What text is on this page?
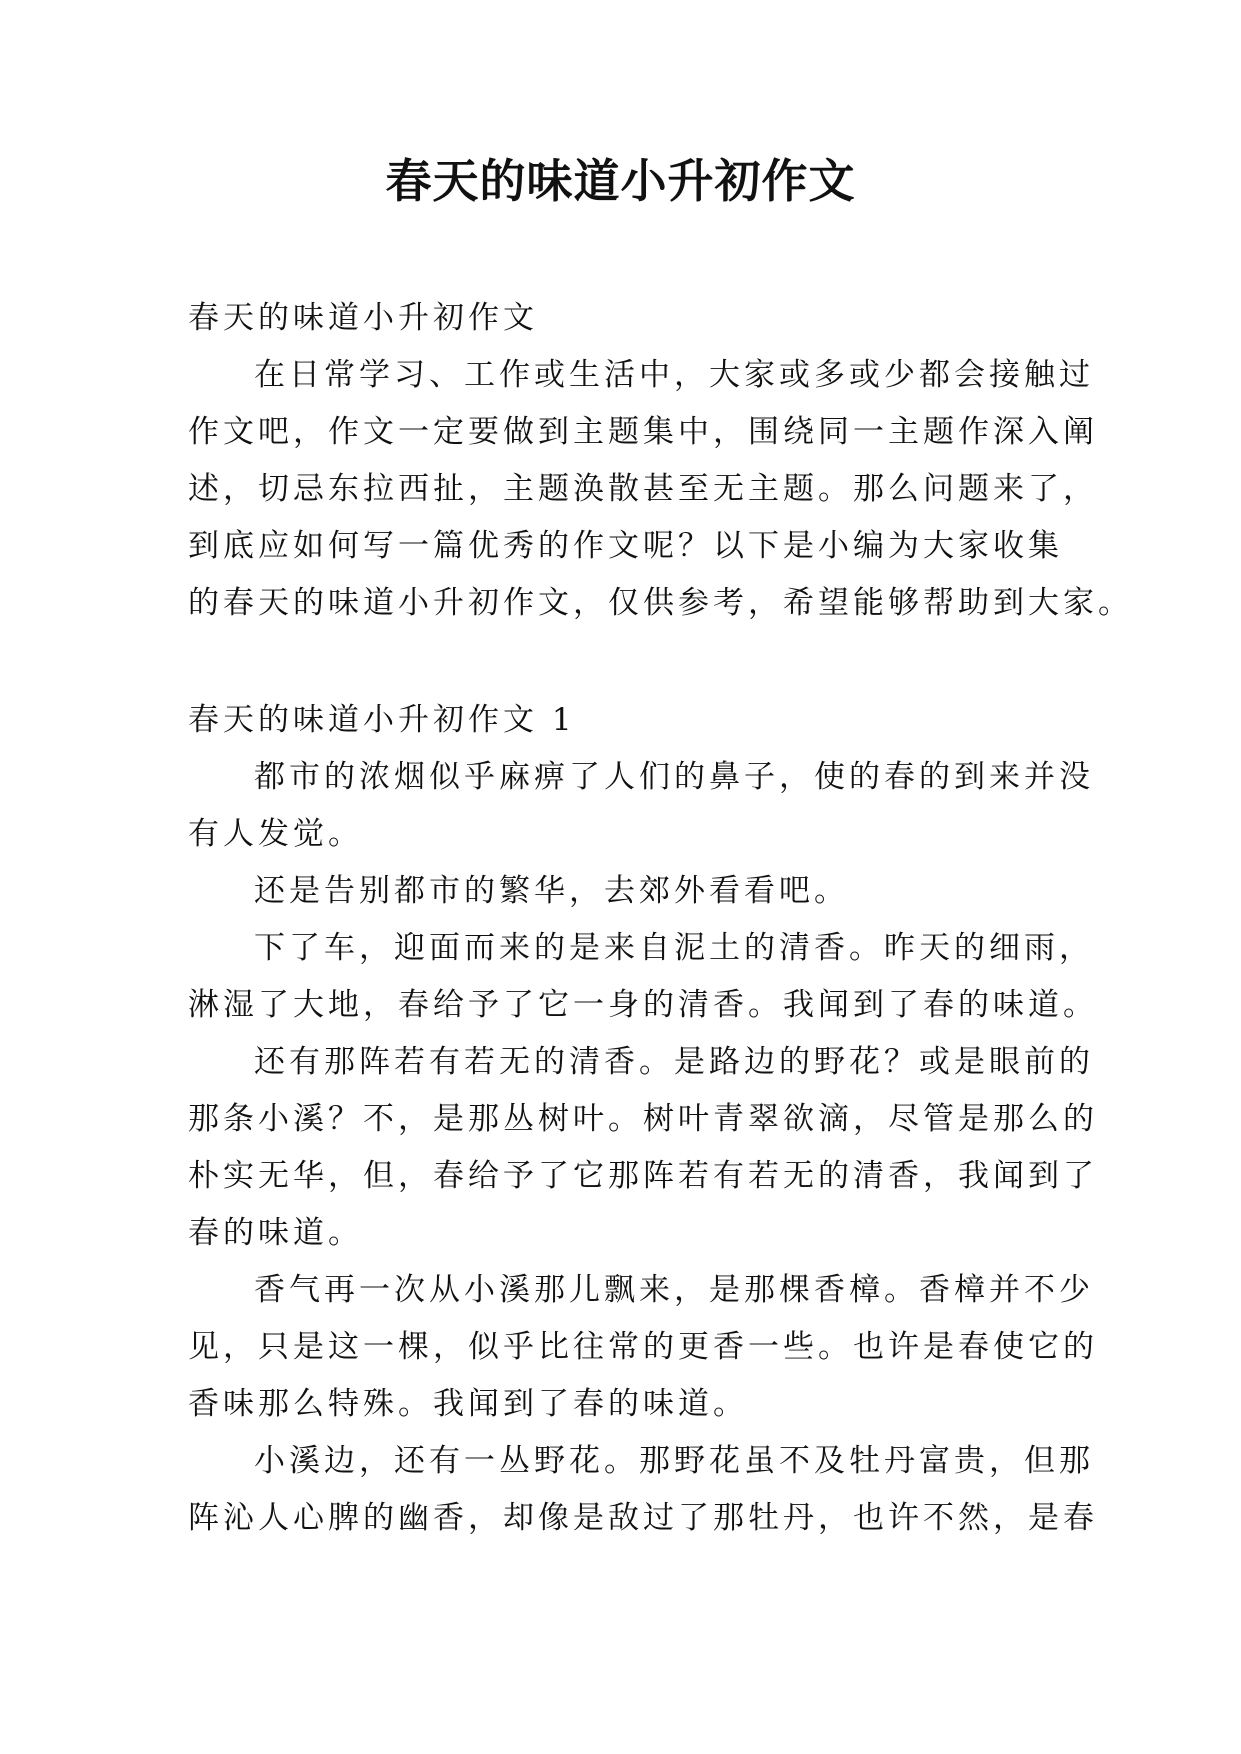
春天的味道小升初作文
春天的味道小升初作文
在日常学习、工作或生活中，大家或多或少都会接触过
作文吧，作文一定要做到主题集中，围绕同一主题作深入阐
述，切忌东拉西扯，主题涣散甚至无主题。那么问题来了，
到底应如何写一篇优秀的作文呢？以下是小编为大家收集
的春天的味道小升初作文，仅供参考，希望能够帮助到大家。
春天的味道小升初作文 1
都市的浓烟似乎麻痹了人们的鼻子，使的春的到来并没
有人发觉。
还是告别都市的繁华，去郊外看看吧。
下了车，迎面而来的是来自泥土的清香。昨天的细雨，
淋湿了大地，春给予了它一身的清香。我闻到了春的味道。
还有那阵若有若无的清香。是路边的野花？或是眼前的
那条小溪？不，是那丛树叶。树叶青翠欲滴，尽管是那么的
朴实无华，但，春给予了它那阵若有若无的清香，我闻到了
春的味道。
香气再一次从小溪那儿飘来，是那棵香樟。香樟并不少
见，只是这一棵，似乎比往常的更香一些。也许是春使它的
香味那么特殊。我闻到了春的味道。
小溪边，还有一丛野花。那野花虽不及牡丹富贵，但那
阵沁人心脾的幽香，却像是敌过了那牡丹，也许不然，是春
